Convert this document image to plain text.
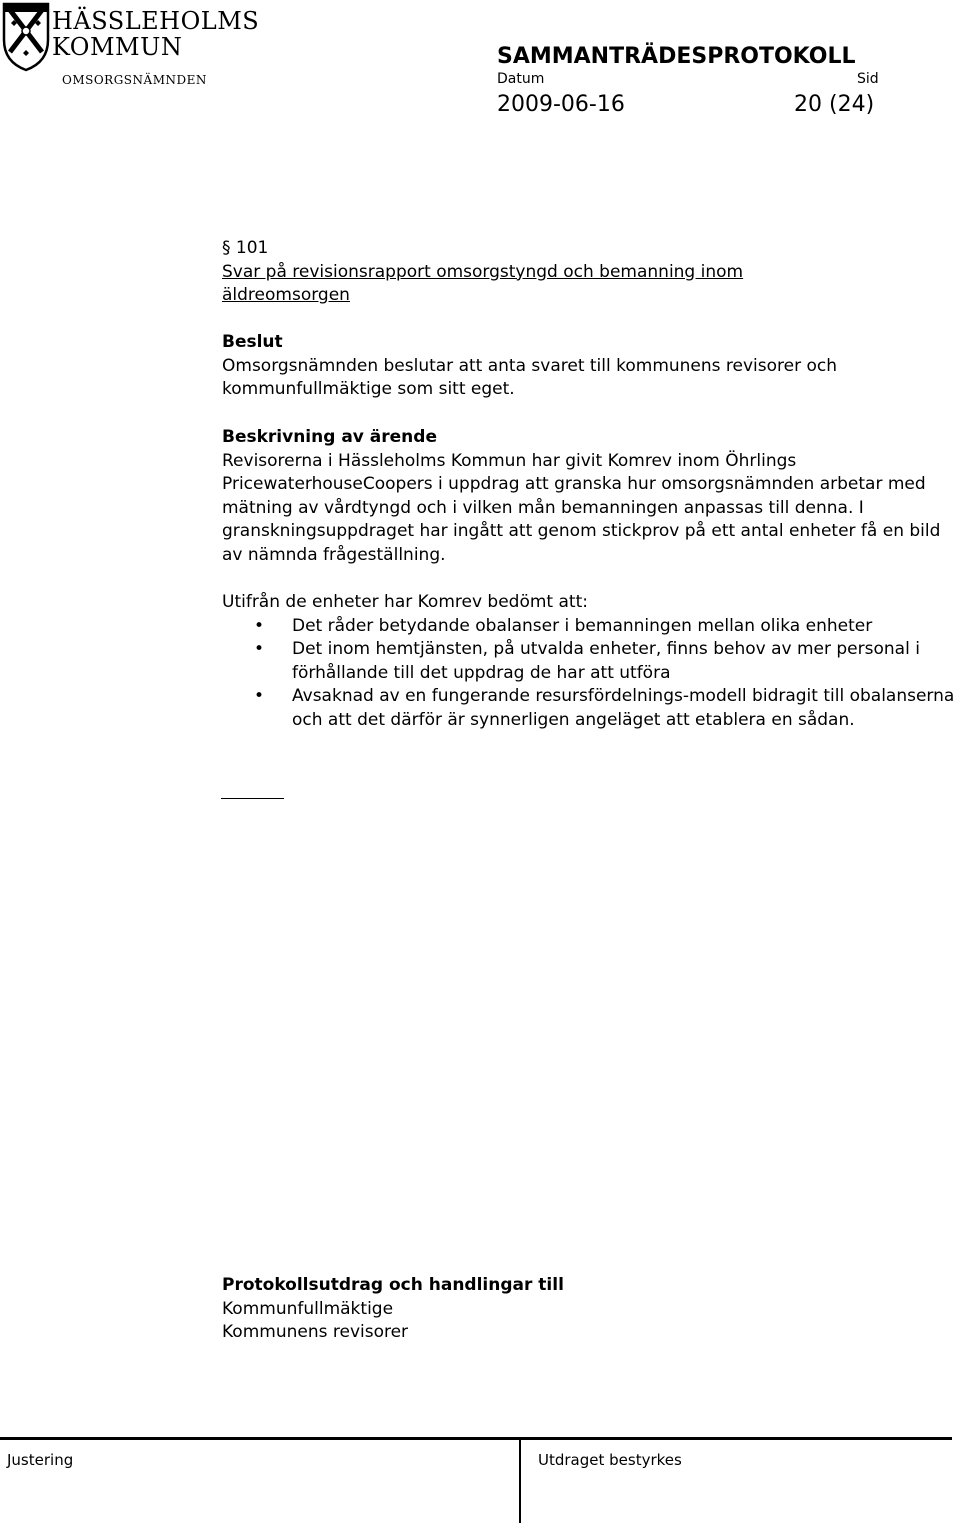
HÄSSLEHOLMS
KOMMUN
OMSORGSNÄMNDEN
SAMMANTRÄDESPROTOKOLL
Datum	Sid
2009-06-16	20 (24)
§ 101
Svar på revisionsrapport omsorgstyngd och bemanning inom
äldreomsorgen
Beslut
Omsorgsnämnden beslutar att anta svaret till kommunens revisorer och kommunfullmäktige som sitt eget.
Beskrivning av ärende
Revisorerna i Hässleholms Kommun har givit Komrev inom Öhrlings PricewaterhouseCoopers i uppdrag att granska hur omsorgsnämnden arbetar med mätning av vårdtyngd och i vilken mån bemanningen anpassas till denna. I granskningsuppdraget har ingått att genom stickprov på ett antal enheter få en bild av nämnda frågeställning.
Utifrån de enheter har Komrev bedömt att:
• Det råder betydande obalanser i bemanningen mellan olika enheter
• Det inom hemtjänsten, på utvalda enheter, finns behov av mer personal i förhållande till det uppdrag de har att utföra
• Avsaknad av en fungerande resursfördelnings-modell bidragit till obalanserna och att det därför är synnerligen angeläget att etablera en sådan.
Protokollsutdrag och handlingar till
Kommunfullmäktige
Kommunens revisorer
Justering	Utdraget bestyrkes
